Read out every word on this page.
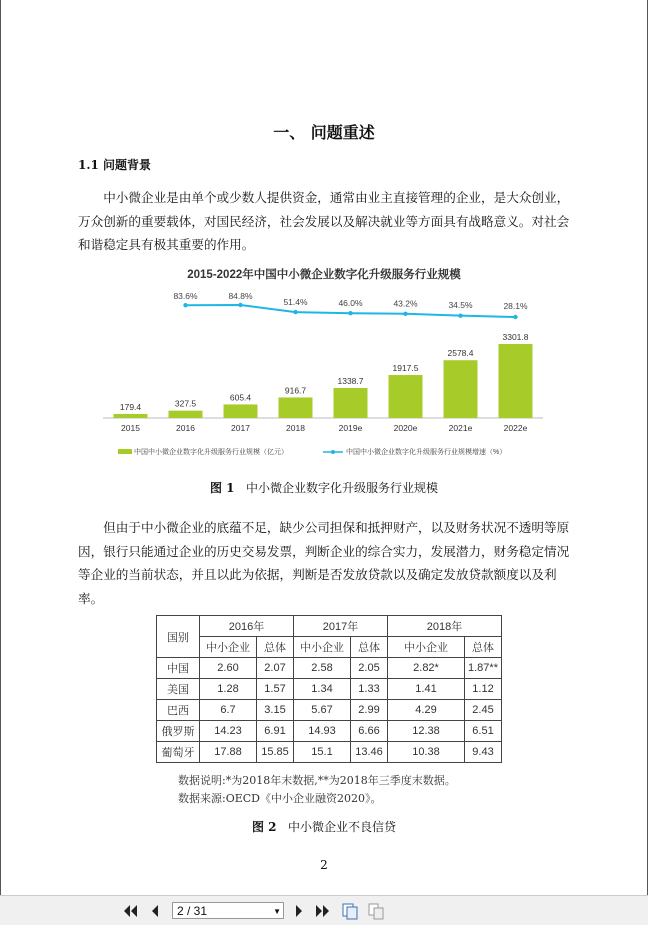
一、 问题重述
1.1 问题背景

中小微企业是由单个或少数人提供资金，通常由业主直接管理的企业，是大众创业，万众创新的重要载体，对国民经济，社会发展以及解决就业等方面具有战略意义。对社会和谐稳定具有极其重要的作用。

2015-2022年中国中小微企业数字化升级服务行业规模
179.4
2015
327.5
2016
83.6%
605.4
2017
84.8%
916.7
2018
51.4%
1338.7
2019e
46.0%
1917.5
2020e
43.2%
2578.4
2021e
34.5%
3301.8
2022e
28.1%
中国中小微企业数字化升级服务行业规模（亿元）	中国中小微企业数字化升级服务行业规模增速（%）
图 1 中小微企业数字化升级服务行业规模

但由于中小微企业的底蕴不足，缺少公司担保和抵押财产，以及财务状况不透明等原因，银行只能通过企业的历史交易发票，判断企业的综合实力，发展潜力，财务稳定情况等企业的当前状态，并且以此为依据，判断是否发放贷款以及确定发放贷款额度以及利率。

国别	2016年		2017年		2018年	
	中小企业	总体	中小企业	总体	中小企业	总体
中国	2.60	2.07	2.58	2.05	2.82*	1.87**
美国	1.28	1.57	1.34	1.33	1.41	1.12
巴西	6.7	3.15	5.67	2.99	4.29	2.45
俄罗斯	14.23	6.91	14.93	6.66	12.38	6.51
葡萄牙	17.88	15.85	15.1	13.46	10.38	9.43
数据说明:*为2018年末数据,**为2018年三季度末数据。
数据来源:OECD《中小企业融资2020》。
图 2 中小微企业不良信贷
2
2 / 31	▼
